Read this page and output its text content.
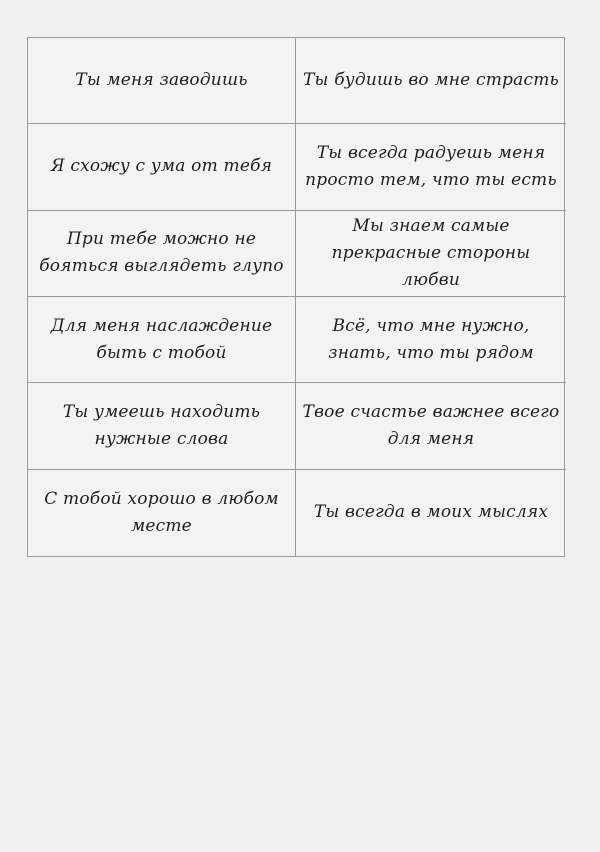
Ты меня заводишь	Ты будишь во мне страсть
Я схожу с ума от тебя
Ты всегда радуешь меня просто тем, что ты есть
При тебе можно не бояться выглядеть глупо
Мы знаем самые прекрасные стороны любви
Для меня наслаждение быть с тобой
Всё, что мне нужно, знать, что ты рядом
Ты умеешь находить нужные слова
Твое счастье важнее всего для меня
С тобой хорошо в любом месте
Ты всегда в моих мыслях
